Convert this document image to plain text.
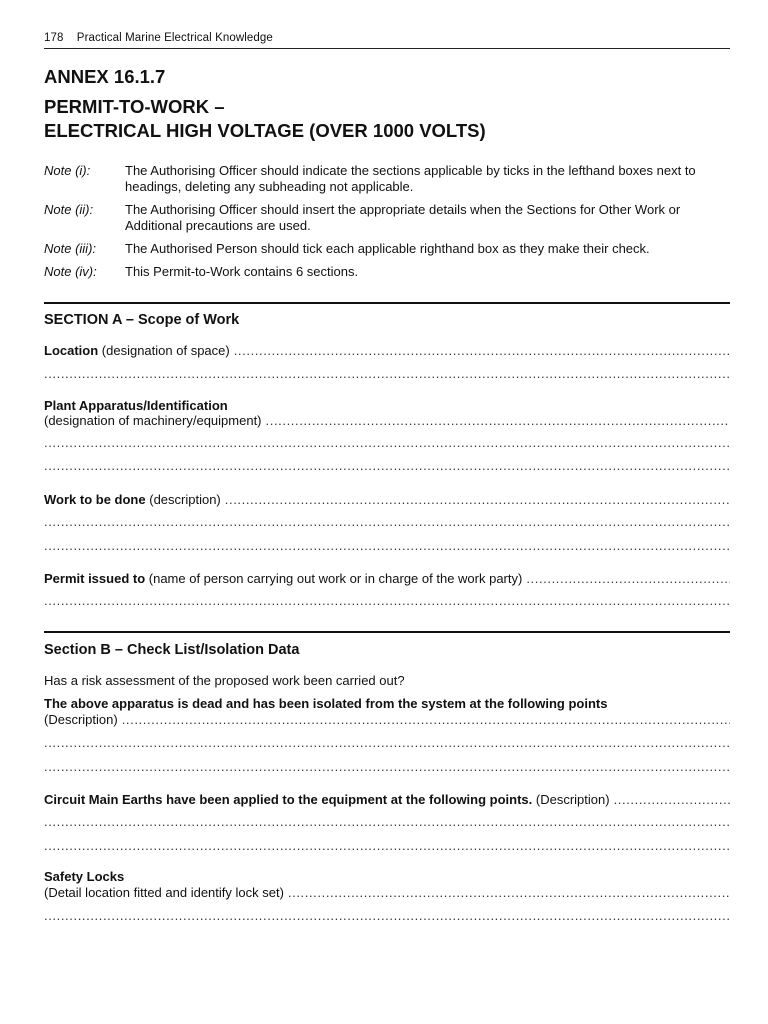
178 Practical Marine Electrical Knowledge
ANNEX 16.1.7
PERMIT-TO-WORK –
ELECTRICAL HIGH VOLTAGE (OVER 1000 VOLTS)
Note (i):	The Authorising Officer should indicate the sections applicable by ticks in the lefthand boxes next to headings, deleting any subheading not applicable.
Note (ii):	The Authorising Officer should insert the appropriate details when the Sections for Other Work or Additional precautions are used.
Note (iii):	The Authorised Person should tick each applicable righthand box as they make their check.
Note (iv):	This Permit-to-Work contains 6 sections.
SECTION A – Scope of Work
Location
(designation of space)
.....
.....
Plant Apparatus/Identification
(designation of machinery/equipment)
.....
.....
.....
Work to be done
(description)
.....
.....
.....
Permit issued to
(name of person carrying out work or in charge of the work party)
.....
.....
Section B – Check List/Isolation Data
Has a risk assessment of the proposed work been carried out?
The above apparatus is dead and has been isolated from the system at the following points
(Description)
.....
.....
.....
Circuit Main Earths have been applied to the equipment at the following points.
(Description)
.....
.....
.....
Safety Locks
(Detail location fitted and identify lock set)
.....
.....
